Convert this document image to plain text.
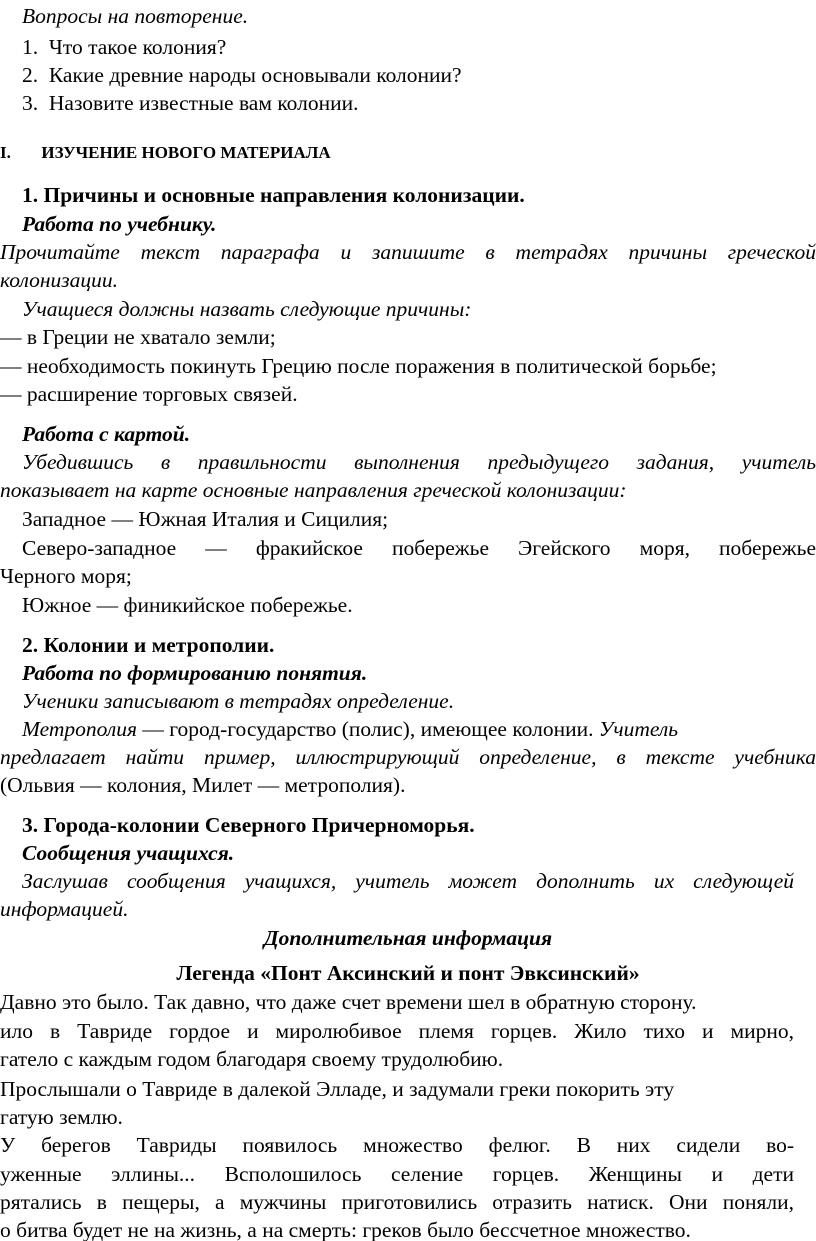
Вопросы на повторение.
1. Что такое колония?
2. Какие древние народы основывали колонии?
3. Назовите известные вам колонии.
I. ИЗУЧЕНИЕ НОВОГО МАТЕРИАЛА
1. Причины и основные направления колонизации.
Работа по учебнику.
Прочитайте текст параграфа и запишите в тетрадях причины греческой
колонизации.
Учащиеся должны назвать следующие причины:
— в Греции не хватало земли;
— необходимость покинуть Грецию после поражения в политической борьбе;
— расширение торговых связей.
Работа с картой.
Убедившись в правильности выполнения предыдущего задания, учитель
показывает на карте основные направления греческой колонизации:
Западное — Южная Италия и Сицилия;
Северо-западное — фракийское побережье Эгейского моря, побережье
Черного моря;
Южное — финикийское побережье.
2. Колонии и метрополии.
Работа по формированию понятия.
Ученики записывают в тетрадях определение.
Метрополия — город-государство (полис), имеющее колонии. Учитель
предлагает найти пример, иллюстрирующий определение, в тексте учебника
(Ольвия — колония, Милет — метрополия).
3. Города-колонии Северного Причерноморья.
Сообщения учащихся.
Заслушав сообщения учащихся, учитель может дополнить их следующей
информацией.
Дополнительная информация
Легенда «Понт Аксинский и понт Эвксинский»
Давно это было. Так давно, что даже счет времени шел в обратную сторону.
ило в Тавриде гордое и миролюбивое племя горцев. Жило тихо и мирно,
гатело с каждым годом благодаря своему трудолюбию.
Прослышали о Тавриде в далекой Элладе, и задумали греки покорить эту
гатую землю.
У берегов Тавриды появилось множество фелюг. В них сидели во-
уженные эллины... Всполошилось селение горцев. Женщины и дети
рятались в пещеры, а мужчины приготовились отразить натиск. Они поняли,
о битва будет не на жизнь, а на смерть: греков было бессчетное множество.
